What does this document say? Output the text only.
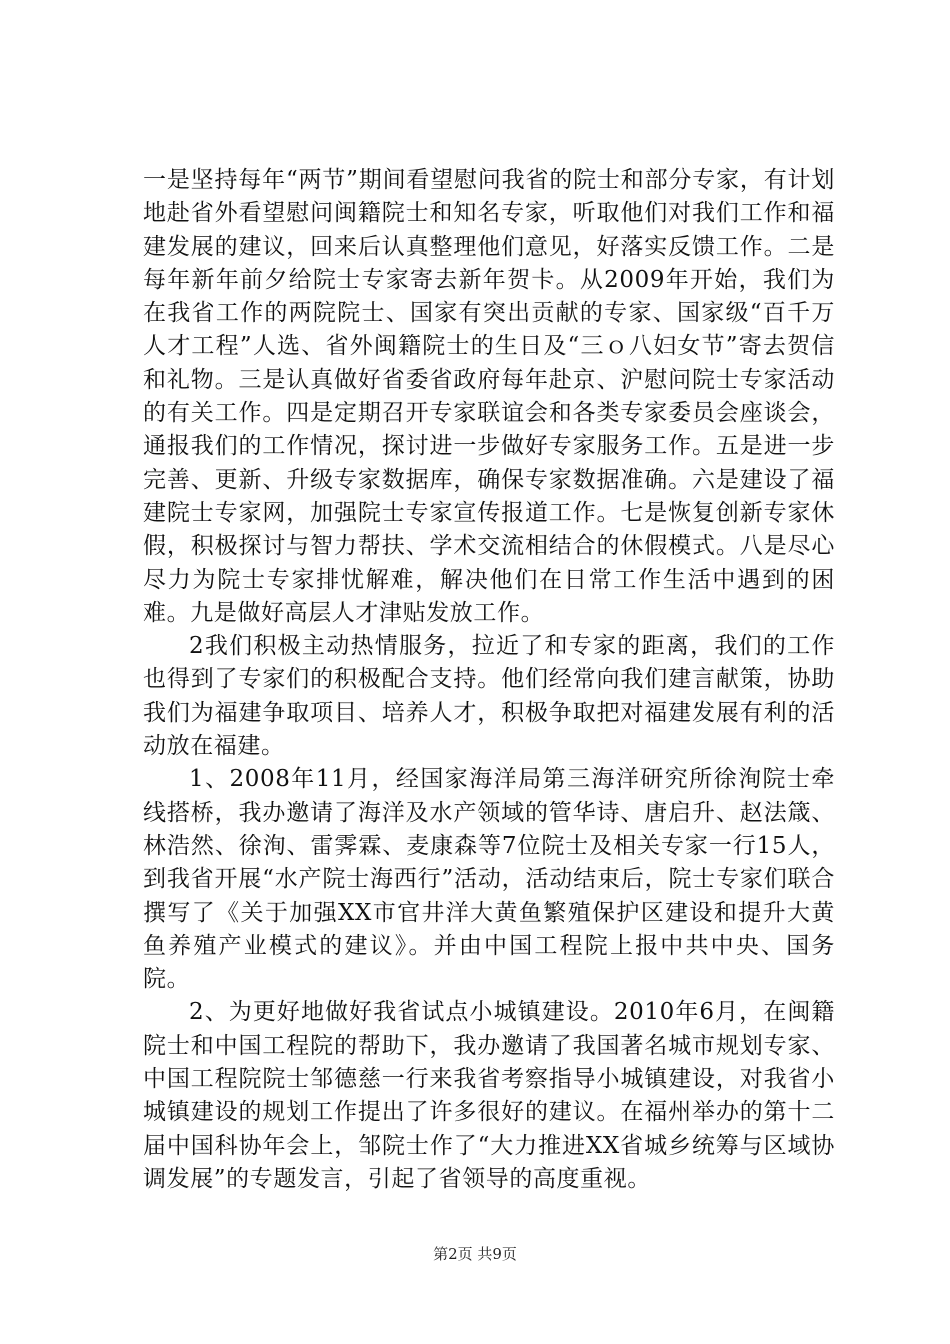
一是坚持每年“两节”期间看望慰问我省的院士和部分专家，有计划地赴省外看望慰问闽籍院士和知名专家，听取他们对我们工作和福建发展的建议，回来后认真整理他们意见，好落实反馈工作。二是每年新年前夕给院士专家寄去新年贺卡。从2009年开始，我们为在我省工作的两院院士、国家有突出贡献的专家、国家级“百千万人才工程”人选、省外闽籍院士的生日及“三ｏ八妇女节”寄去贺信和礼物。三是认真做好省委省政府每年赴京、沪慰问院士专家活动的有关工作。四是定期召开专家联谊会和各类专家委员会座谈会，通报我们的工作情况，探讨进一步做好专家服务工作。五是进一步完善、更新、升级专家数据库，确保专家数据准确。六是建设了福建院士专家网，加强院士专家宣传报道工作。七是恢复创新专家休假，积极探讨与智力帮扶、学术交流相结合的休假模式。八是尽心尽力为院士专家排忧解难，解决他们在日常工作生活中遇到的困难。九是做好高层人才津贴发放工作。

2我们积极主动热情服务，拉近了和专家的距离，我们的工作也得到了专家们的积极配合支持。他们经常向我们建言献策，协助我们为福建争取项目、培养人才，积极争取把对福建发展有利的活动放在福建。

1、2008年11月，经国家海洋局第三海洋研究所徐洵院士牵线搭桥，我办邀请了海洋及水产领域的管华诗、唐启升、赵法箴、林浩然、徐洵、雷霁霖、麦康森等7位院士及相关专家一行15人，到我省开展“水产院士海西行”活动，活动结束后，院士专家们联合撰写了《关于加强XX市官井洋大黄鱼繁殖保护区建设和提升大黄鱼养殖产业模式的建议》。并由中国工程院上报中共中央、国务院。

2、为更好地做好我省试点小城镇建设。2010年6月，在闽籍院士和中国工程院的帮助下，我办邀请了我国著名城市规划专家、中国工程院院士邹德慈一行来我省考察指导小城镇建设，对我省小城镇建设的规划工作提出了许多很好的建议。在福州举办的第十二届中国科协年会上，邹院士作了“大力推进XX省城乡统筹与区域协调发展”的专题发言，引起了省领导的高度重视。

第2页 共9页
